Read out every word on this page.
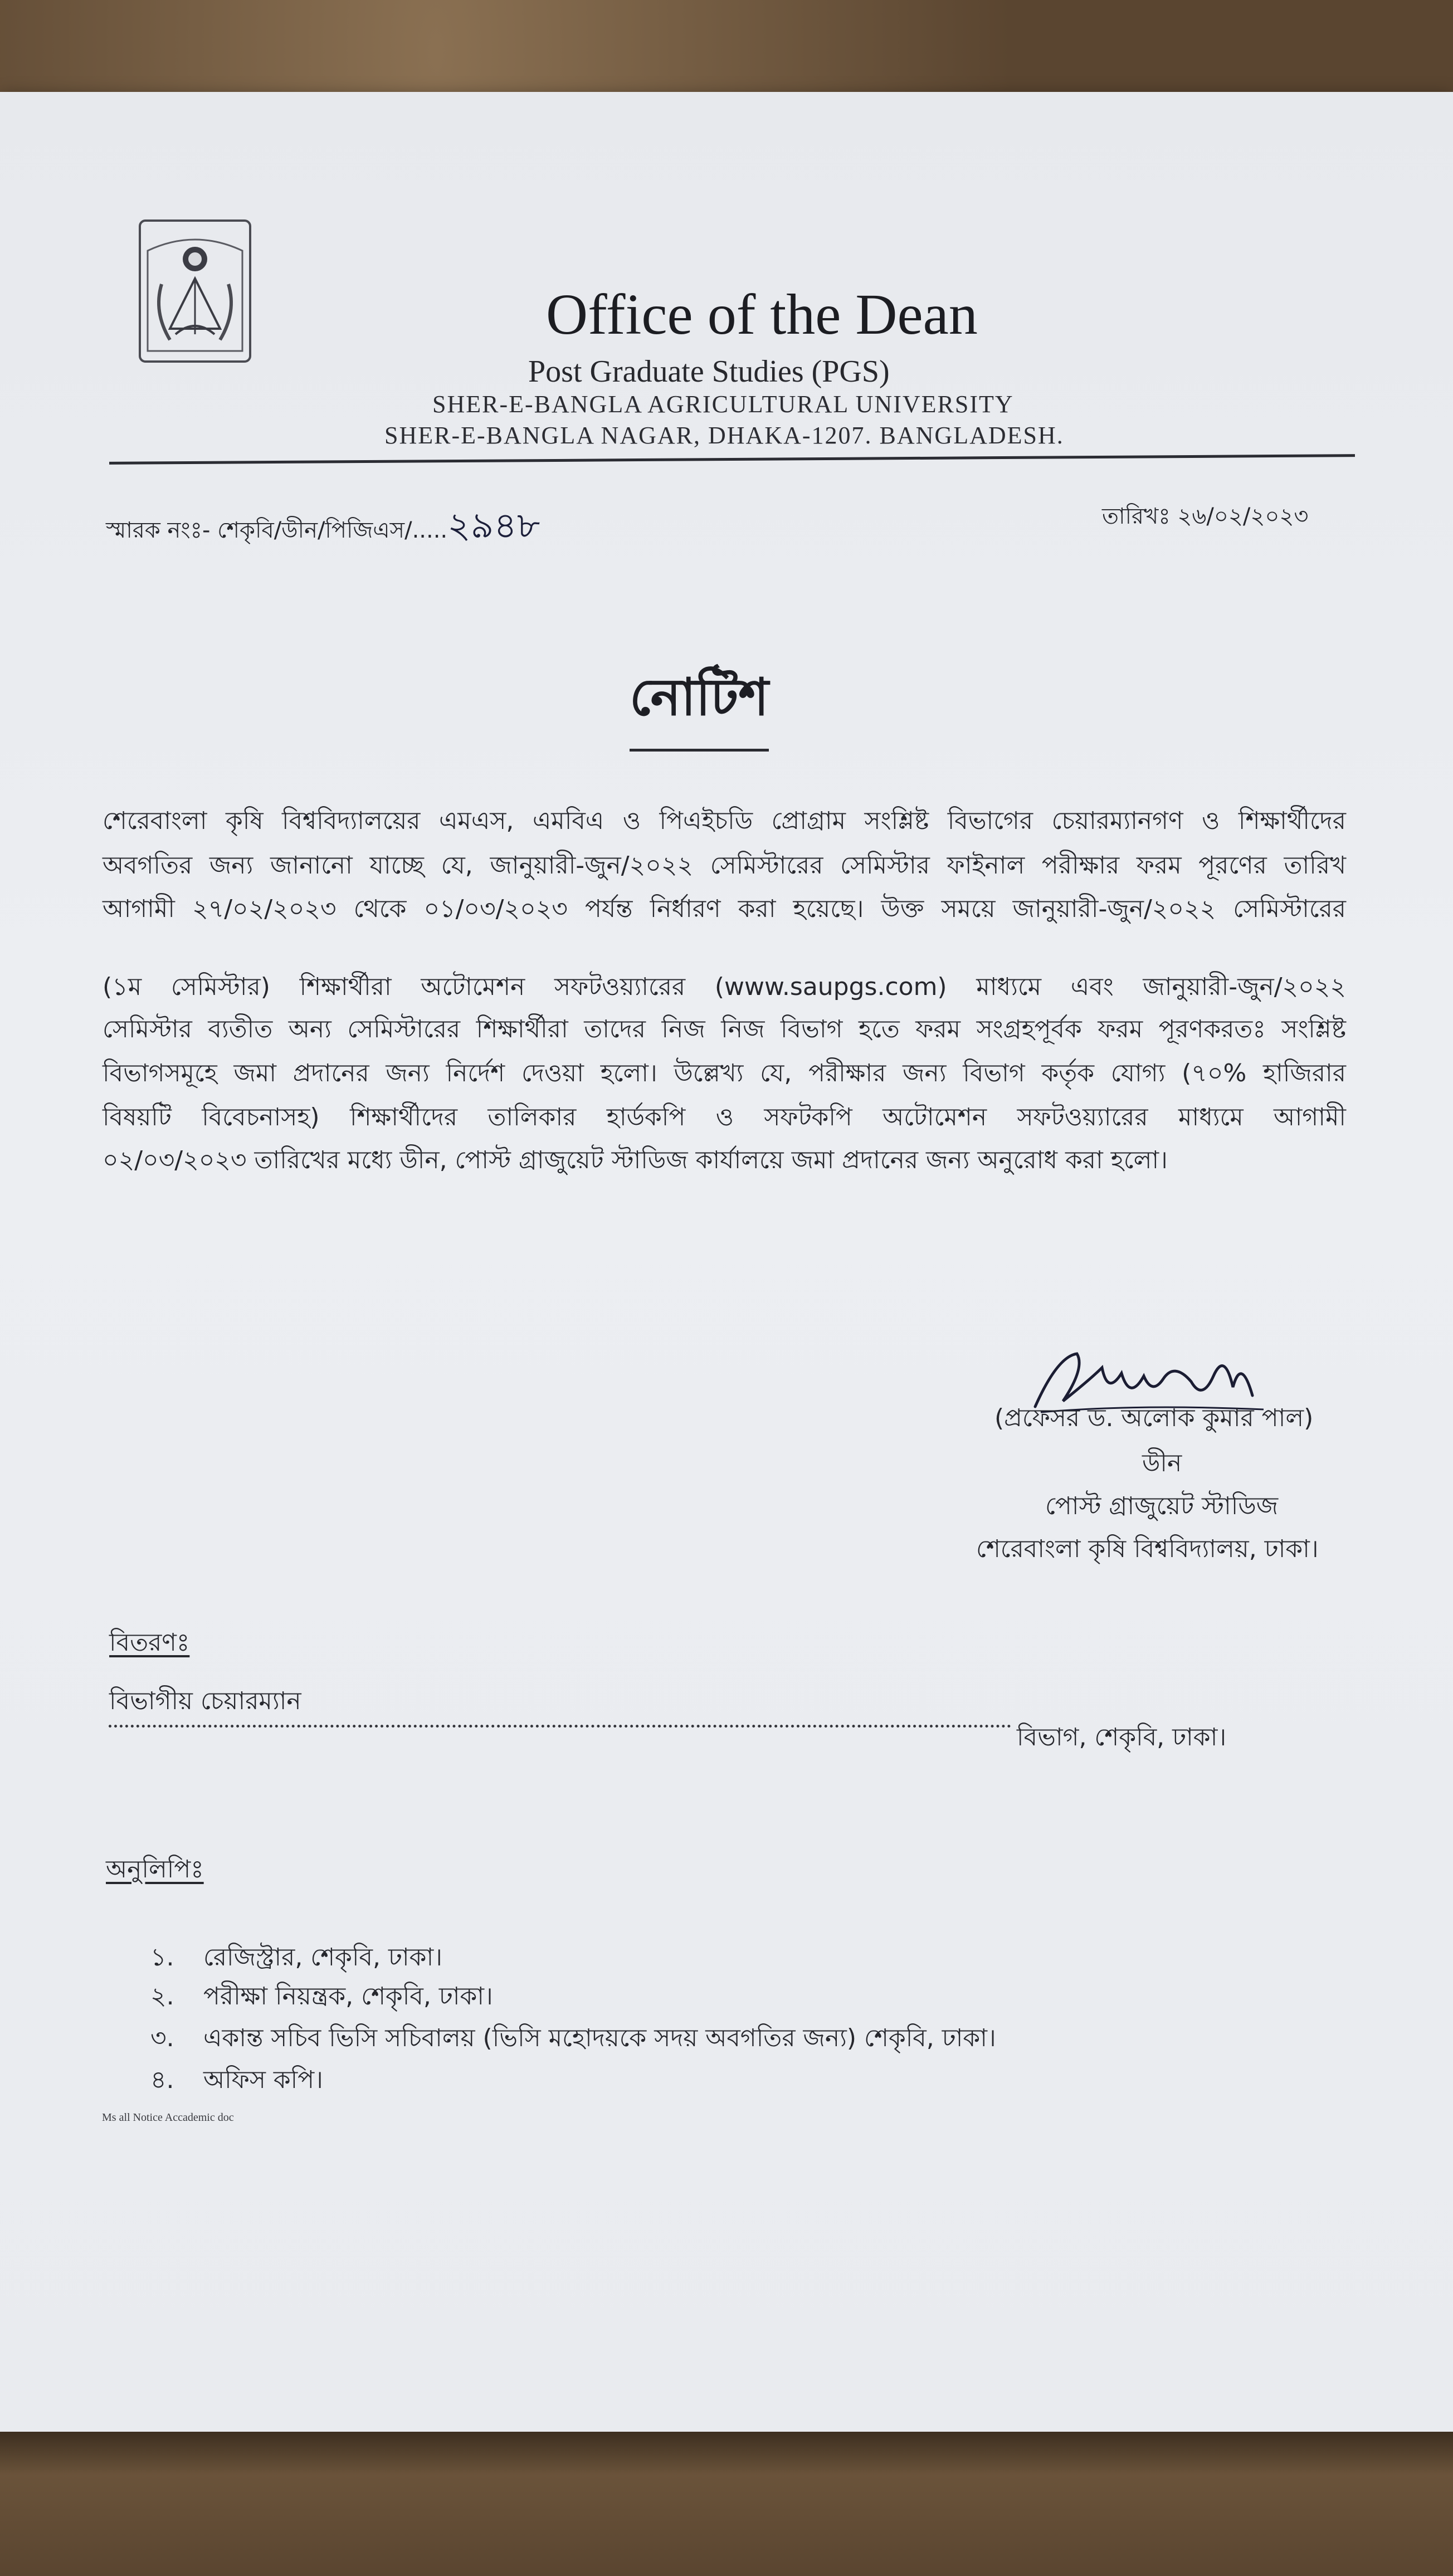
Office of the Dean
Post Graduate Studies (PGS)
SHER-E-BANGLA AGRICULTURAL UNIVERSITY
SHER-E-BANGLA NAGAR, DHAKA-1207. BANGLADESH.
স্মারক নংঃ- শেকৃবি/ডীন/পিজিএস/.....২৯৪৮	তারিখঃ ২৬/০২/২০২৩
নোটিশ
শেরেবাংলা কৃষি বিশ্ববিদ্যালয়ের এমএস, এমবিএ ও পিএইচডি প্রোগ্রাম সংশ্লিষ্ট বিভাগের চেয়ারম্যানগণ ও শিক্ষার্থীদের
অবগতির জন্য জানানো যাচ্ছে যে, জানুয়ারী-জুন/২০২২ সেমিস্টারের সেমিস্টার ফাইনাল পরীক্ষার ফরম পূরণের তারিখ
আগামী ২৭/০২/২০২৩ থেকে ০১/০৩/২০২৩ পর্যন্ত নির্ধারণ করা হয়েছে। উক্ত সময়ে জানুয়ারী-জুন/২০২২ সেমিস্টারের
(১ম সেমিস্টার) শিক্ষার্থীরা অটোমেশন সফটওয়্যারের (www.saupgs.com) মাধ্যমে এবং জানুয়ারী-জুন/২০২২
সেমিস্টার ব্যতীত অন্য সেমিস্টারের শিক্ষার্থীরা তাদের নিজ নিজ বিভাগ হতে ফরম সংগ্রহপূর্বক ফরম পূরণকরতঃ সংশ্লিষ্ট
বিভাগসমূহে জমা প্রদানের জন্য নির্দেশ দেওয়া হলো। উল্লেখ্য যে, পরীক্ষার জন্য বিভাগ কর্তৃক যোগ্য (৭০% হাজিরার
বিষয়টি বিবেচনাসহ) শিক্ষার্থীদের তালিকার হার্ডকপি ও সফটকপি অটোমেশন সফটওয়্যারের মাধ্যমে আগামী
০২/০৩/২০২৩ তারিখের মধ্যে ডীন, পোস্ট গ্রাজুয়েট স্টাডিজ কার্যালয়ে জমা প্রদানের জন্য অনুরোধ করা হলো।
(প্রফেসর ড. অলোক কুমার পাল)
ডীন
পোস্ট গ্রাজুয়েট স্টাডিজ
শেরেবাংলা কৃষি বিশ্ববিদ্যালয়, ঢাকা।
বিতরণঃ
বিভাগীয় চেয়ারম্যান
বিভাগ, শেকৃবি, ঢাকা।
অনুলিপিঃ
১. রেজিস্ট্রার, শেকৃবি, ঢাকা।
২. পরীক্ষা নিয়ন্ত্রক, শেকৃবি, ঢাকা।
৩. একান্ত সচিব ভিসি সচিবালয় (ভিসি মহোদয়কে সদয় অবগতির জন্য) শেকৃবি, ঢাকা।
৪. অফিস কপি।
Ms all Notice Accademic doc
